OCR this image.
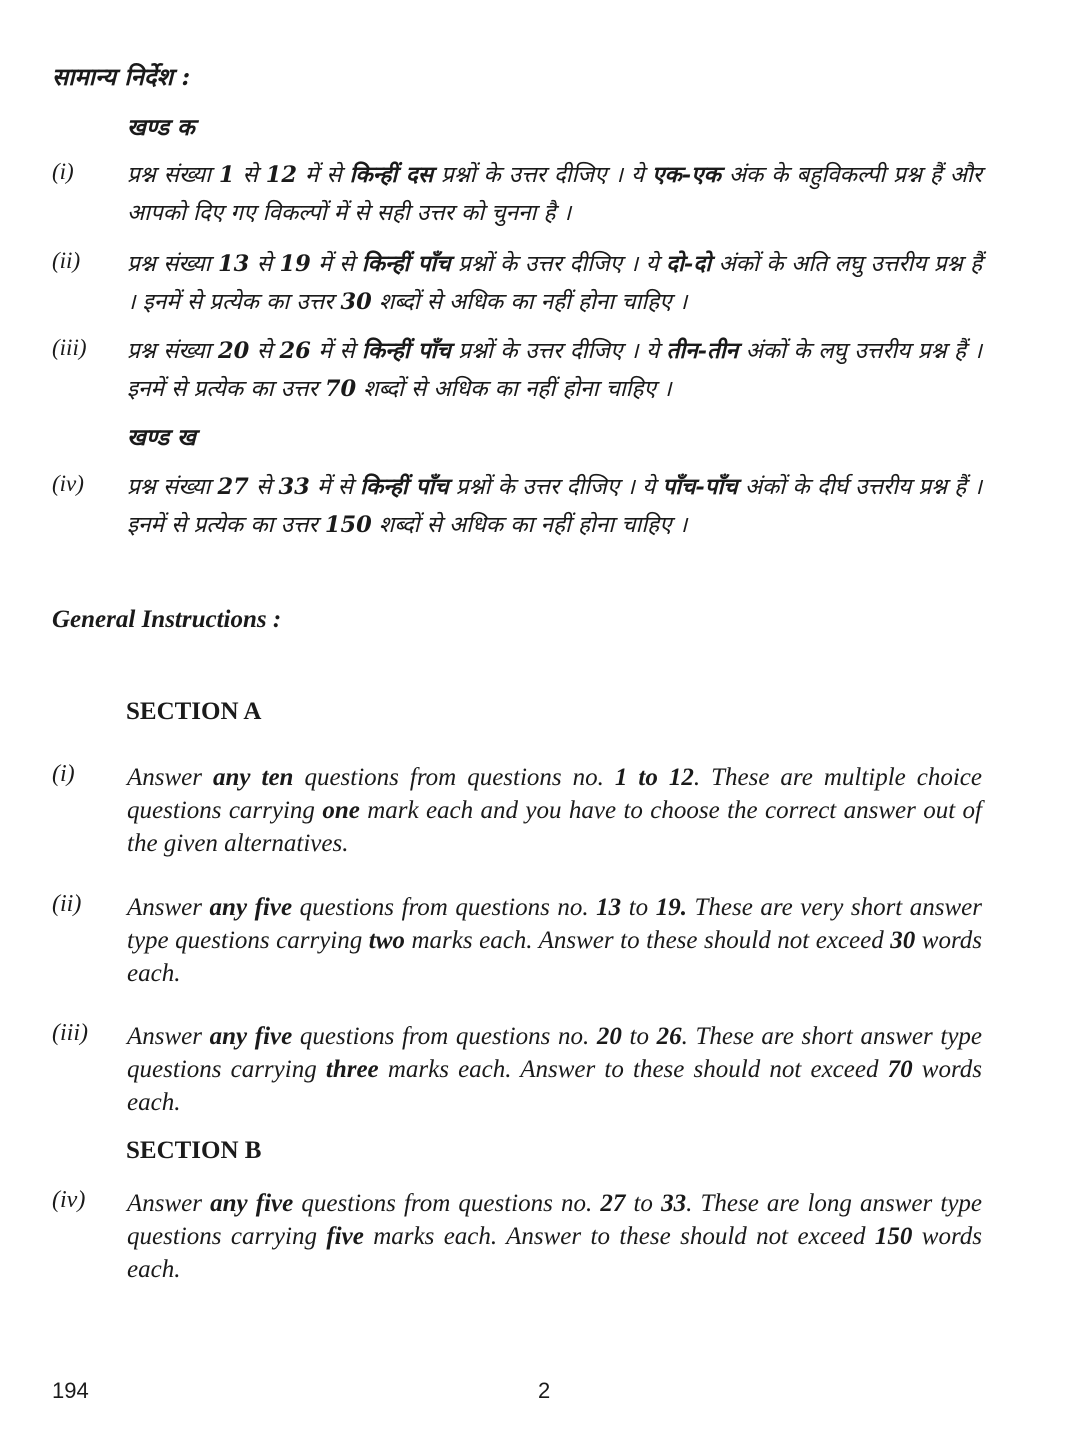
सामान्य निर्देश :
खण्ड क
(i)	प्रश्न संख्या 1 से 12 में से किन्हीं दस प्रश्नों के उत्तर दीजिए । ये एक-एक अंक के बहुविकल्पी प्रश्न हैं और आपको दिए गए विकल्पों में से सही उत्तर को चुनना है ।
(ii)	प्रश्न संख्या 13 से 19 में से किन्हीं पाँच प्रश्नों के उत्तर दीजिए । ये दो-दो अंकों के अति लघु उत्तरीय प्रश्न हैं । इनमें से प्रत्येक का उत्तर 30 शब्दों से अधिक का नहीं होना चाहिए ।
(iii)	प्रश्न संख्या 20 से 26 में से किन्हीं पाँच प्रश्नों के उत्तर दीजिए । ये तीन-तीन अंकों के लघु उत्तरीय प्रश्न हैं । इनमें से प्रत्येक का उत्तर 70 शब्दों से अधिक का नहीं होना चाहिए ।
खण्ड ख
(iv)	प्रश्न संख्या 27 से 33 में से किन्हीं पाँच प्रश्नों के उत्तर दीजिए । ये पाँच-पाँच अंकों के दीर्घ उत्तरीय प्रश्न हैं । इनमें से प्रत्येक का उत्तर 150 शब्दों से अधिक का नहीं होना चाहिए ।
General Instructions :
SECTION A
(i)	Answer any ten questions from questions no. 1 to 12. These are multiple choice questions carrying one mark each and you have to choose the correct answer out of the given alternatives.
(ii)	Answer any five questions from questions no. 13 to 19. These are very short answer type questions carrying two marks each. Answer to these should not exceed 30 words each.
(iii)	Answer any five questions from questions no. 20 to 26. These are short answer type questions carrying three marks each. Answer to these should not exceed 70 words each.
SECTION B
(iv)	Answer any five questions from questions no. 27 to 33. These are long answer type questions carrying five marks each. Answer to these should not exceed 150 words each.
194	2
